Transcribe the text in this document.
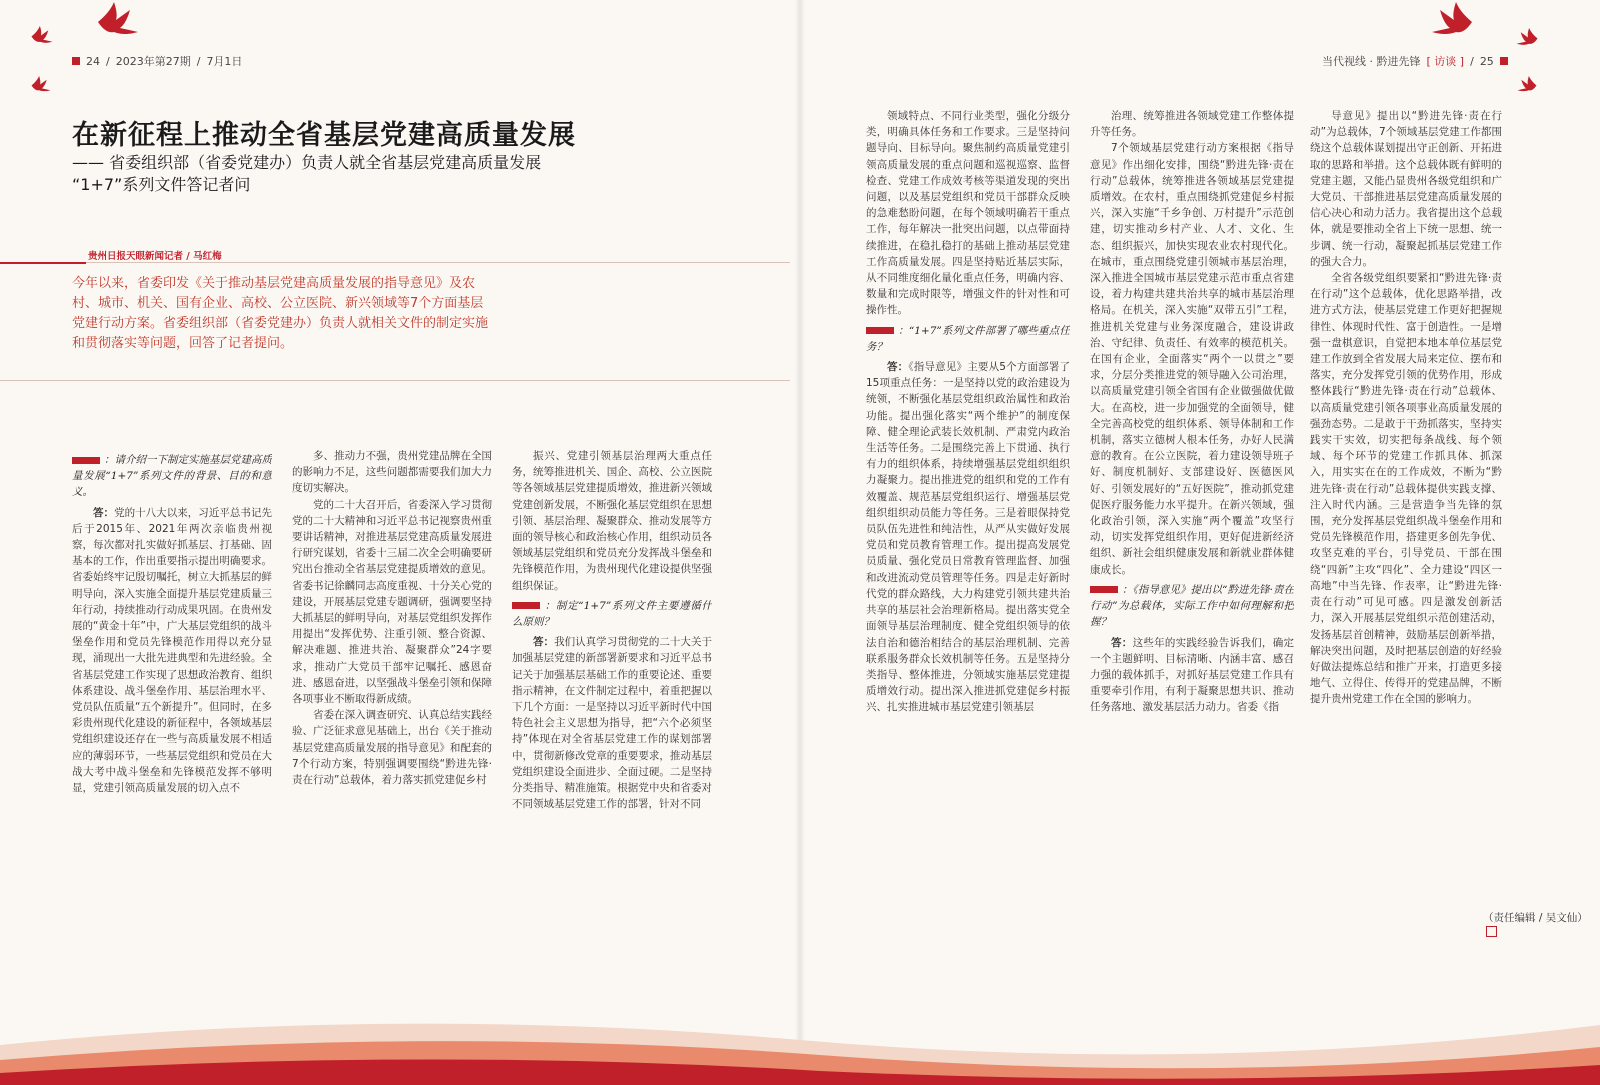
24 / 2023年第27期 / 7月1日	当代视线 · 黔进先锋 [ 访谈 ] / 25
在新征程上推动全省基层党建高质量发展
—— 省委组织部（省委党建办）负责人就全省基层党建高质量发展
“1+7”系列文件答记者问
贵州日报天眼新闻记者 / 马红梅
今年以来，省委印发《关于推动基层党建高质量发展的指导意见》及农村、城市、机关、国有企业、高校、公立医院、新兴领域等7个方面基层党建行动方案。省委组织部（省委党建办）负责人就相关文件的制定实施和贯彻落实等问题，回答了记者提问。

：请介绍一下制定实施基层党建高质量发展“1+7”系列文件的背景、目的和意义。

答：党的十八大以来，习近平总书记先后于2015年、2021年两次亲临贵州视察，每次都对扎实做好抓基层、打基础、固基本的工作，作出重要指示提出明确要求。省委始终牢记殷切嘱托，树立大抓基层的鲜明导向，深入实施全面提升基层党建质量三年行动，持续推动行动成果巩固。在贵州发展的“黄金十年”中，广大基层党组织的战斗堡垒作用和党员先锋模范作用得以充分显现，涌现出一大批先进典型和先进经验。全省基层党建工作实现了思想政治教育、组织体系建设、战斗堡垒作用、基层治理水平、党员队伍质量“五个新提升”。但同时，在多彩贵州现代化建设的新征程中，各领域基层党组织建设还存在一些与高质量发展不相适应的薄弱环节，一些基层党组织和党员在大战大考中战斗堡垒和先锋模范发挥不够明显，党建引领高质量发展的切入点不

多、推动力不强，贵州党建品牌在全国的影响力不足，这些问题都需要我们加大力度切实解决。

党的二十大召开后，省委深入学习贯彻党的二十大精神和习近平总书记视察贵州重要讲话精神，对推进基层党建高质量发展进行研究谋划，省委十三届二次全会明确要研究出台推动全省基层党建提质增效的意见。省委书记徐麟同志高度重视、十分关心党的建设，开展基层党建专题调研，强调要坚持大抓基层的鲜明导向，对基层党组织发挥作用提出“发挥优势、注重引领、整合资源、解决难题、推进共治、凝聚群众”24字要求，推动广大党员干部牢记嘱托、感恩奋进、感恩奋进，以坚强战斗堡垒引领和保障各项事业不断取得新成绩。

省委在深入调查研究、认真总结实践经验、广泛征求意见基础上，出台《关于推动基层党建高质量发展的指导意见》和配套的7个行动方案，特别强调要围绕“黔进先锋·责在行动”总载体，着力落实抓党建促乡村

振兴、党建引领基层治理两大重点任务，统筹推进机关、国企、高校、公立医院等各领域基层党建提质增效，推进新兴领域党建创新发展，不断强化基层党组织在思想引领、基层治理、凝聚群众、推动发展等方面的领导核心和政治核心作用，组织动员各领域基层党组织和党员充分发挥战斗堡垒和先锋模范作用，为贵州现代化建设提供坚强组织保证。

：制定“1+7”系列文件主要遵循什么原则？

答：我们认真学习贯彻党的二十大关于加强基层党建的新部署新要求和习近平总书记关于加强基层基础工作的重要论述、重要指示精神，在文件制定过程中，着重把握以下几个方面：一是坚持以习近平新时代中国特色社会主义思想为指导，把“六个必须坚持”体现在对全省基层党建工作的谋划部署中，贯彻新修改党章的重要要求，推动基层党组织建设全面进步、全面过硬。二是坚持分类指导、精准施策。根据党中央和省委对不同领域基层党建工作的部署，针对不同

领域特点、不同行业类型，强化分级分类，明确具体任务和工作要求。三是坚持问题导向、目标导向。聚焦制约高质量党建引领高质量发展的重点问题和巡视巡察、监督检查、党建工作成效考核等渠道发现的突出问题，以及基层党组织和党员干部群众反映的急难愁盼问题，在每个领域明确若干重点工作，每年解决一批突出问题，以点带面持续推进，在稳扎稳打的基础上推动基层党建工作高质量发展。四是坚持贴近基层实际，从不同维度细化量化重点任务，明确内容、数量和完成时限等，增强文件的针对性和可操作性。

：“1+7”系列文件部署了哪些重点任务？

答：《指导意见》主要从5个方面部署了15项重点任务：一是坚持以党的政治建设为统领，不断强化基层党组织政治属性和政治功能。提出强化落实“两个维护”的制度保障、健全理论武装长效机制、严肃党内政治生活等任务。二是围绕完善上下贯通、执行有力的组织体系，持续增强基层党组织组织力凝聚力。提出推进党的组织和党的工作有效覆盖、规范基层党组织运行、增强基层党组织组织动员能力等任务。三是着眼保持党员队伍先进性和纯洁性，从严从实做好发展党员和党员教育管理工作。提出提高发展党员质量、强化党员日常教育管理监督、加强和改进流动党员管理等任务。四是走好新时代党的群众路线，大力构建党引领共建共治共享的基层社会治理新格局。提出落实党全面领导基层治理制度、健全党组织领导的依法自治和德治相结合的基层治理机制、完善联系服务群众长效机制等任务。五是坚持分类指导、整体推进，分领域实施基层党建提质增效行动。提出深入推进抓党建促乡村振兴、扎实推进城市基层党建引领基层

治理、统筹推进各领域党建工作整体提升等任务。

7个领域基层党建行动方案根据《指导意见》作出细化安排，围绕“黔进先锋·责在行动”总载体，统筹推进各领域基层党建提质增效。在农村，重点围绕抓党建促乡村振兴，深入实施“千乡争创、万村提升”示范创建，切实推动乡村产业、人才、文化、生态、组织振兴，加快实现农业农村现代化。在城市，重点围绕党建引领城市基层治理，深入推进全国城市基层党建示范市重点省建设，着力构建共建共治共享的城市基层治理格局。在机关，深入实施“双带五引”工程，推进机关党建与业务深度融合，建设讲政治、守纪律、负责任、有效率的模范机关。在国有企业，全面落实“两个一以贯之”要求，分层分类推进党的领导融入公司治理，以高质量党建引领全省国有企业做强做优做大。在高校，进一步加强党的全面领导，健全完善高校党的组织体系、领导体制和工作机制，落实立德树人根本任务，办好人民满意的教育。在公立医院，着力建设领导班子好、制度机制好、支部建设好、医德医风好、引领发展好的“五好医院”，推动抓党建促医疗服务能力水平提升。在新兴领域，强化政治引领，深入实施“两个覆盖”攻坚行动，切实发挥党组织作用，更好促进新经济组织、新社会组织健康发展和新就业群体健康成长。

：《指导意见》提出以“黔进先锋·责在行动”为总载体，实际工作中如何理解和把握？

答：这些年的实践经验告诉我们，确定一个主题鲜明、目标清晰、内涵丰富、感召力强的载体抓手，对抓好基层党建工作具有重要牵引作用，有利于凝聚思想共识、推动任务落地、激发基层活力动力。省委《指

导意见》提出以“黔进先锋·责在行动”为总载体，7个领域基层党建工作都围绕这个总载体谋划提出守正创新、开拓进取的思路和举措。这个总载体既有鲜明的党建主题，又能凸显贵州各级党组织和广大党员、干部推进基层党建高质量发展的信心决心和动力活力。我省提出这个总载体，就是要推动全省上下统一思想、统一步调、统一行动，凝聚起抓基层党建工作的强大合力。

全省各级党组织要紧扣“黔进先锋·责在行动”这个总载体，优化思路举措，改进方式方法，使基层党建工作更好把握规律性、体现时代性、富于创造性。一是增强一盘棋意识，自觉把本地本单位基层党建工作放到全省发展大局来定位、摆布和落实，充分发挥党引领的优势作用，形成整体践行“黔进先锋·责在行动”总载体、以高质量党建引领各项事业高质量发展的强劲态势。二是敢于干劲抓落实，坚持实践实干实效，切实把每条战线、每个领域、每个环节的党建工作抓具体、抓深入，用实实在在的工作成效，不断为“黔进先锋·责在行动”总载体提供实践支撑、注入时代内涵。三是营造争当先锋的氛围，充分发挥基层党组织战斗堡垒作用和党员先锋模范作用，搭建更多创先争优、攻坚克难的平台，引导党员、干部在围绕“四新”主攻“四化”、全力建设“四区一高地”中当先锋、作表率，让“黔进先锋·责在行动”可见可感。四是激发创新活力，深入开展基层党组织示范创建活动，发扬基层首创精神，鼓励基层创新举措，解决突出问题，及时把基层创造的好经验好做法提炼总结和推广开来，打造更多接地气、立得住、传得开的党建品牌，不断提升贵州党建工作在全国的影响力。

（责任编辑 / 吴文仙）
